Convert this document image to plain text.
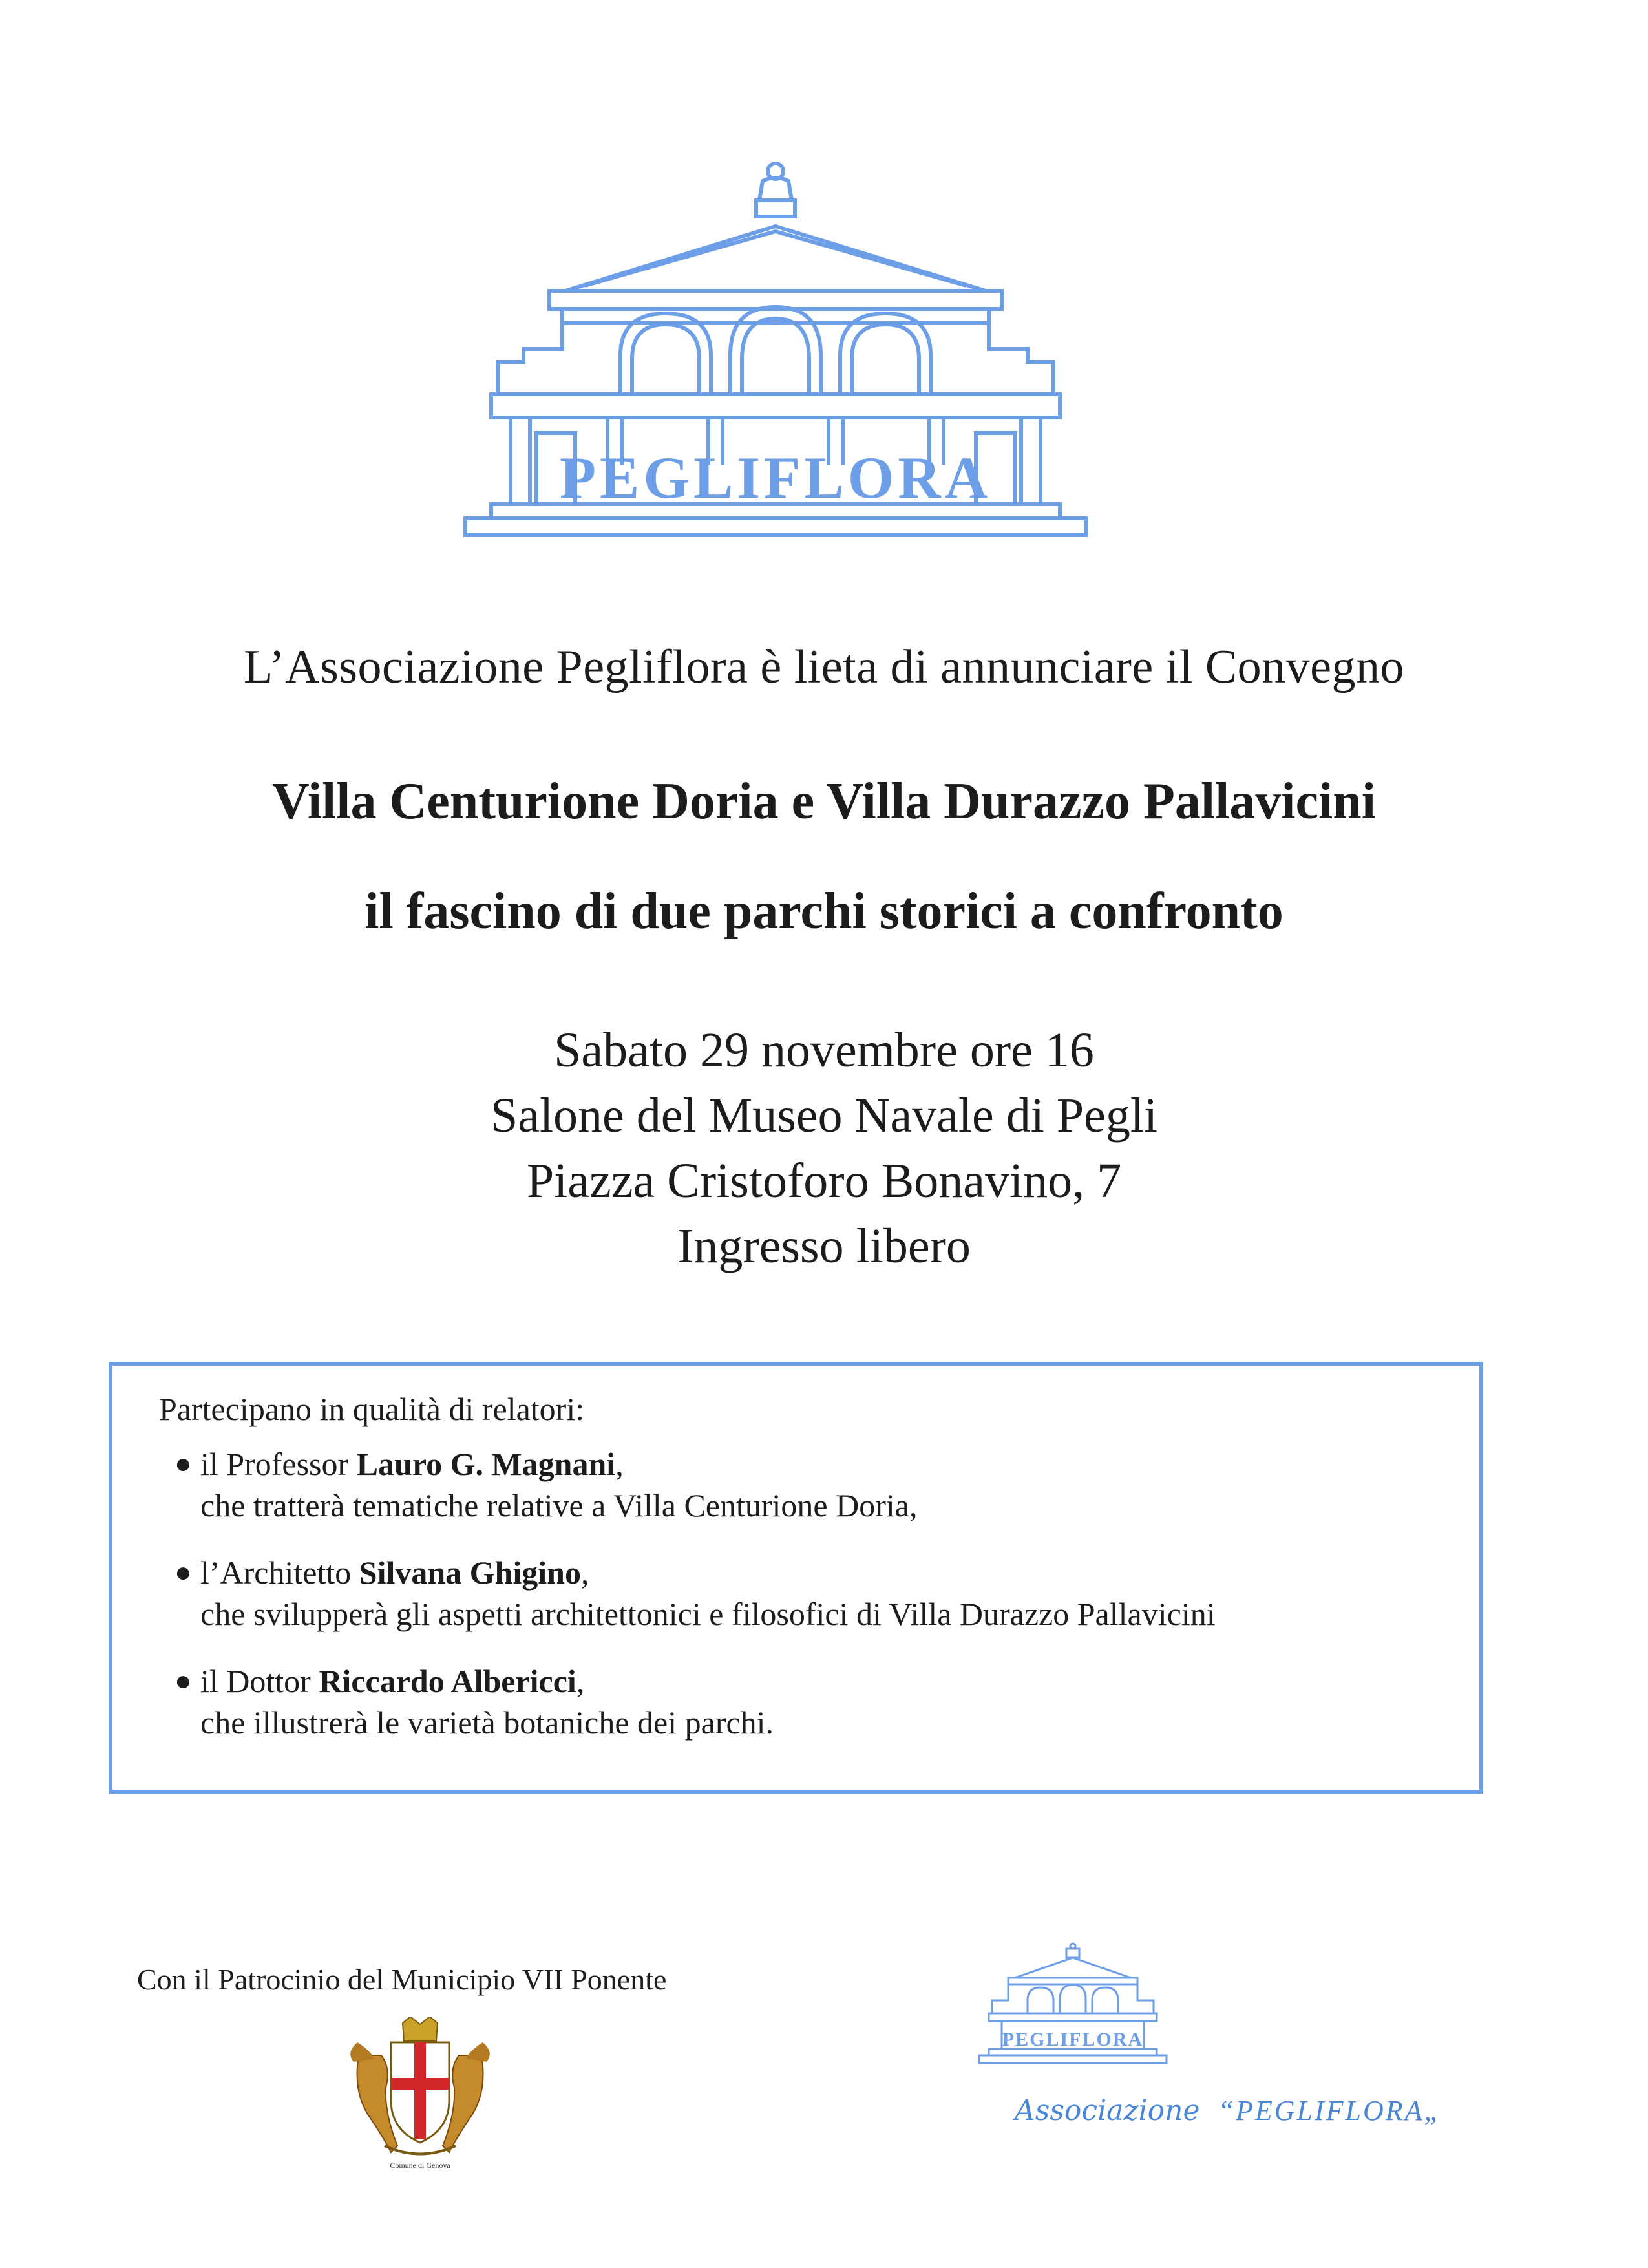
PEGLIFLORA
L’Associazione Pegliflora è lieta di annunciare il Convegno
Villa Centurione Doria e Villa Durazzo Pallavicini
il fascino di due parchi storici a confronto
Sabato 29 novembre ore 16
Salone del Museo Navale di Pegli
Piazza Cristoforo Bonavino, 7
Ingresso libero
Partecipano in qualità di relatori:
● il Professor Lauro G. Magnani,
che tratterà tematiche relative a Villa Centurione Doria,
● l’Architetto Silvana Ghigino,
che svilupperà gli aspetti architettonici e filosofici di Villa Durazzo Pallavicini
● il Dottor Riccardo Albericci,
che illustrerà le varietà botaniche dei parchi.
Con il Patrocinio del Municipio VII Ponente
Comune di Genova
PEGLIFLORA
Associazione “PEGLIFLORA„
